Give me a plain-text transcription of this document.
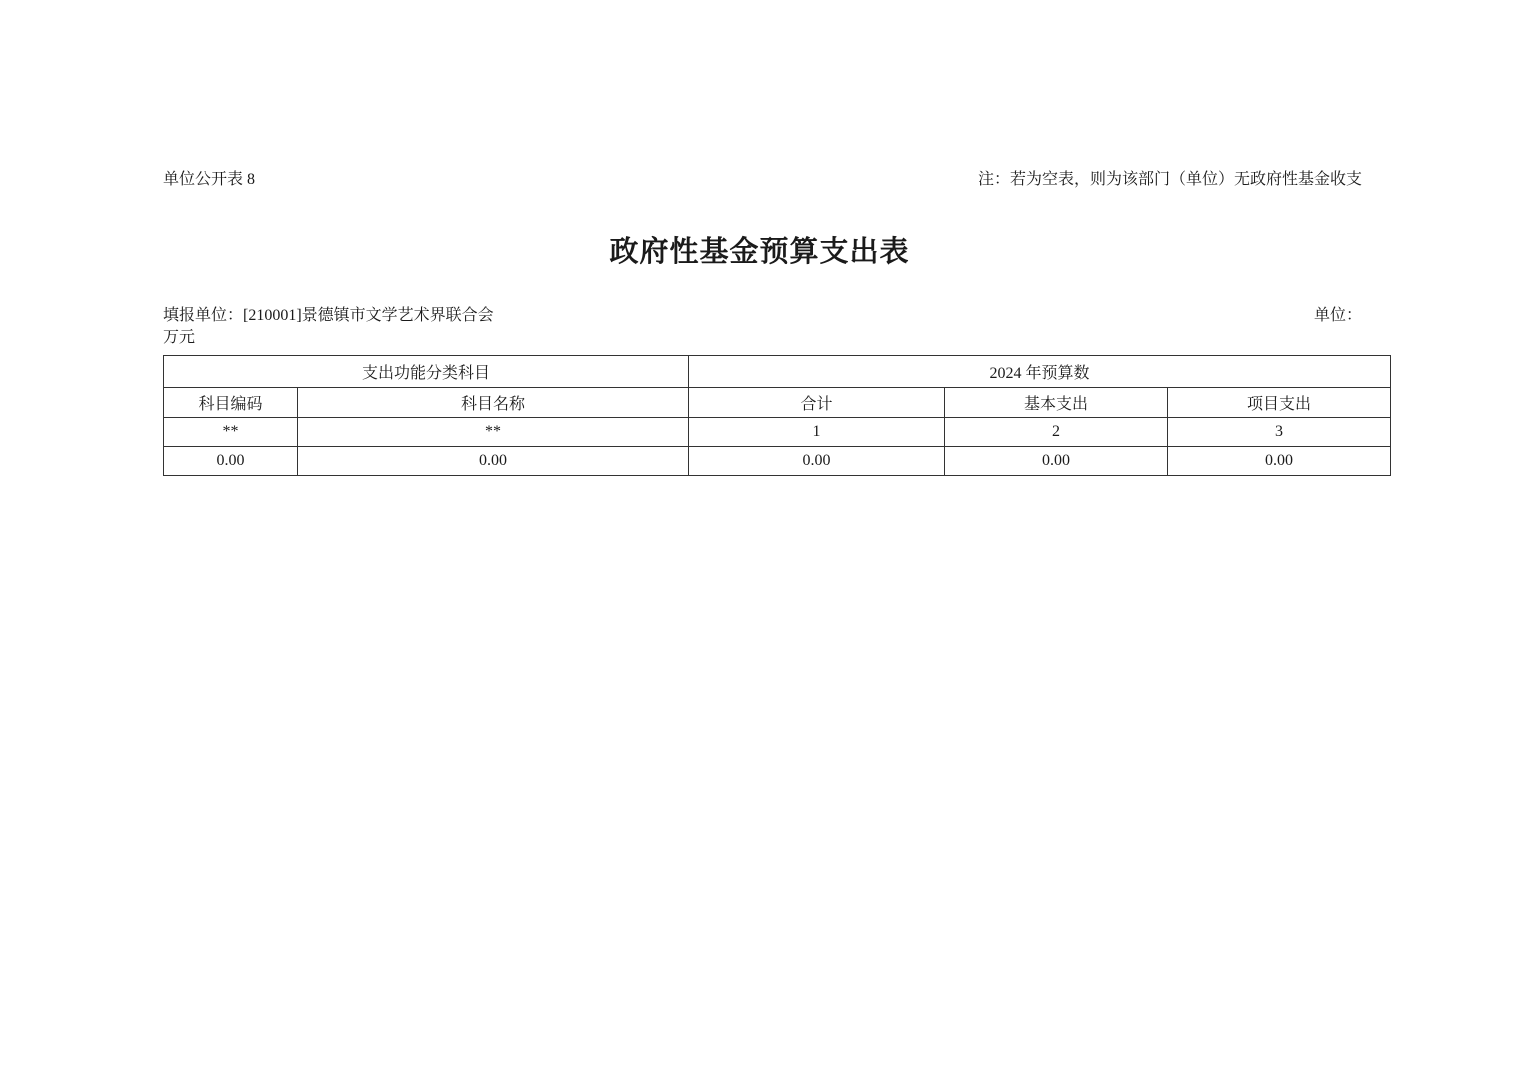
单位公开表 8	注：若为空表，则为该部门（单位）无政府性基金收支
政府性基金预算支出表
填报单位：[210001]景德镇市文学艺术界联合会	单位：
万元
支出功能分类科目		2024 年预算数		
科目编码	科目名称	合计	基本支出	项目支出
**	**	1	2	3
0.00	0.00	0.00	0.00	0.00
